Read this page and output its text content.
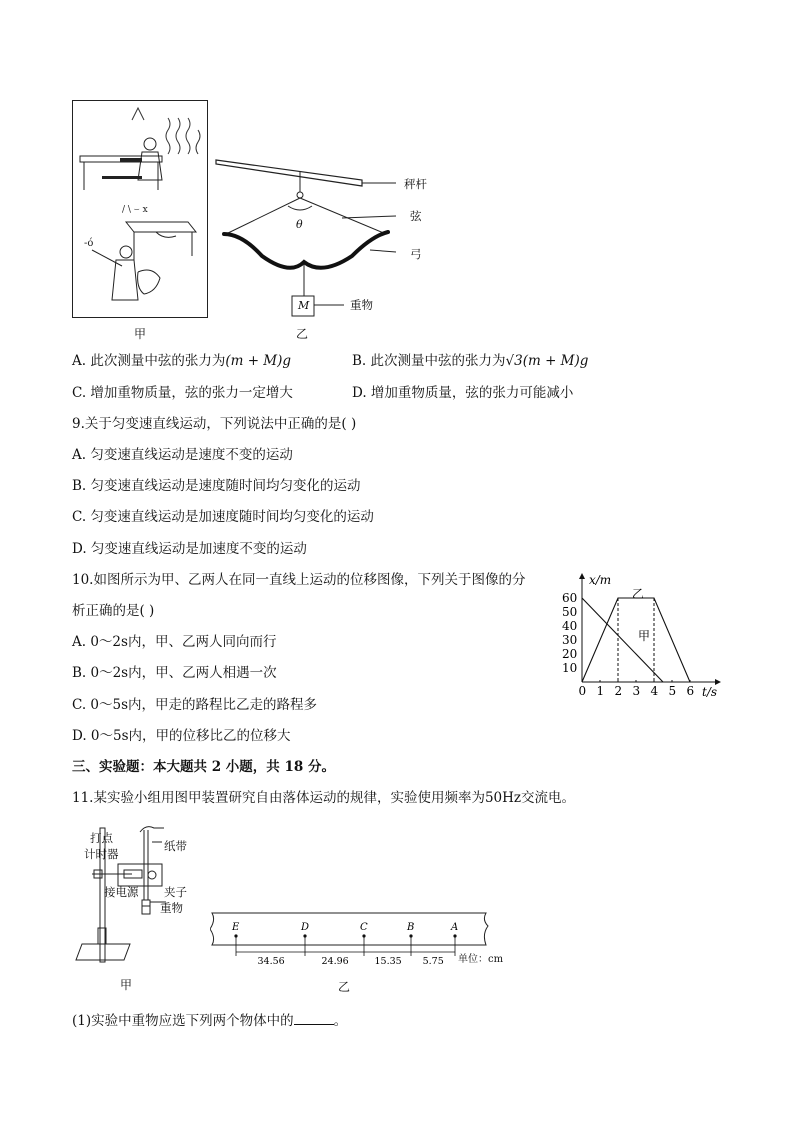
/ \ ⌣ x
-ó
甲
秤杆
弦
弓
θ
M	重物
乙
A. 此次测量中弦的张力为(m + M)g	B. 此次测量中弦的张力为√3(m + M)g
C. 增加重物质量，弦的张力一定增大	D. 增加重物质量，弦的张力可能减小
9.关于匀变速直线运动，下列说法中正确的是( )
A. 匀变速直线运动是速度不变的运动
B. 匀变速直线运动是速度随时间均匀变化的运动
C. 匀变速直线运动是加速度随时间均匀变化的运动
D. 匀变速直线运动是加速度不变的运动
10.如图所示为甲、乙两人在同一直线上运动的位移图像，下列关于图像的分
析正确的是( )
A. 0～2s内，甲、乙两人同向而行
B. 0～2s内，甲、乙两人相遇一次
C. 0～5s内，甲走的路程比乙走的路程多
D. 0～5s内，甲的位移比乙的位移大
x/m
t/s
0 1 2 3 4 5 6
10
20
30
40
50
60	乙
甲
三、实验题：本大题共 2 小题，共 18 分。
11.某实验小组用图甲装置研究自由落体运动的规律，实验使用频率为50Hz交流电。
打点
计时器
纸带
接电源 夹子
重物
甲
E	D	C	B	A
34.56	24.96	15.35 5.75 单位：cm
乙
(1)实验中重物应选下列两个物体中的	。
